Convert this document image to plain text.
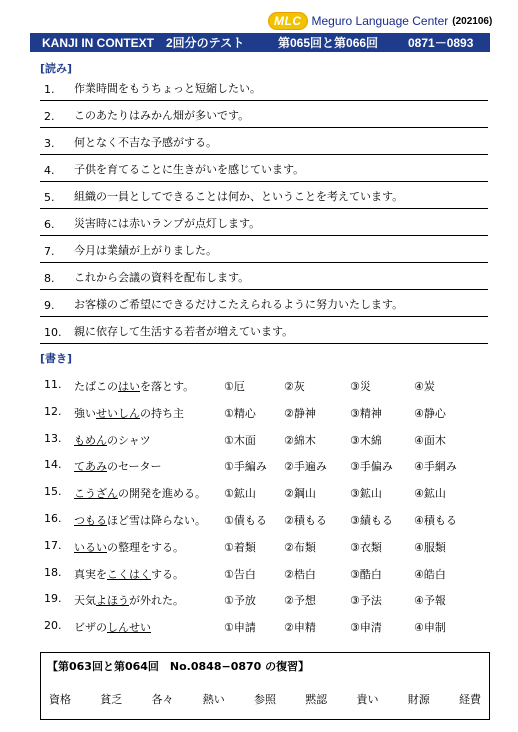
MLC Meguro Language Center (202106)
KANJI IN CONTEXT　2回分のテスト	第065回と第066回	0871－0893
[読み]
1. 作業時間をもうちょっと短縮したい。
2. このあたりはみかん畑が多いです。
3. 何となく不吉な予感がする。
4. 子供を育てることに生きがいを感じています。
5. 組織の一員としてできることは何か、ということを考えています。
6. 災害時には赤いランプが点灯します。
7. 今月は業績が上がりました。
8. これから会議の資料を配布します。
9. お客様のご希望にできるだけこたえられるように努力いたします。
10. 親に依存して生活する若者が増えています。
[書き]
11. たばこのはいを落とす。	①厄	②灰	③災	④炭
12. 強いせいしんの持ち主	①精心	②静神	③精神	④静心
13. もめんのシャツ	①木面	②綿木	③木綿	④面木
14. てあみのセーター	①手編み ②手遍み ③手偏み ④手網み
15. こうざんの開発を進める。 ①鉱山	②鋼山	③鉱山	④鉱山
16. つもるほど雪は降らない。 ①債もる ②積もる ③績もる ④積もる
17. いるいの整理をする。	①着類	②布類	③衣類	④服類
18. 真実をこくはくする。	①告白	②梏白	③酷白	④皓白
19. 天気よほうが外れた。	①予放	②予想	③予法	④予報
20. ビザのしんせい	①申請	②申精	③申清	④申制
【第063回と第064回　No.0848−0870 の復習】
資格	貧乏	各々	熱い	参照	黙認	貴い	財源	経費
